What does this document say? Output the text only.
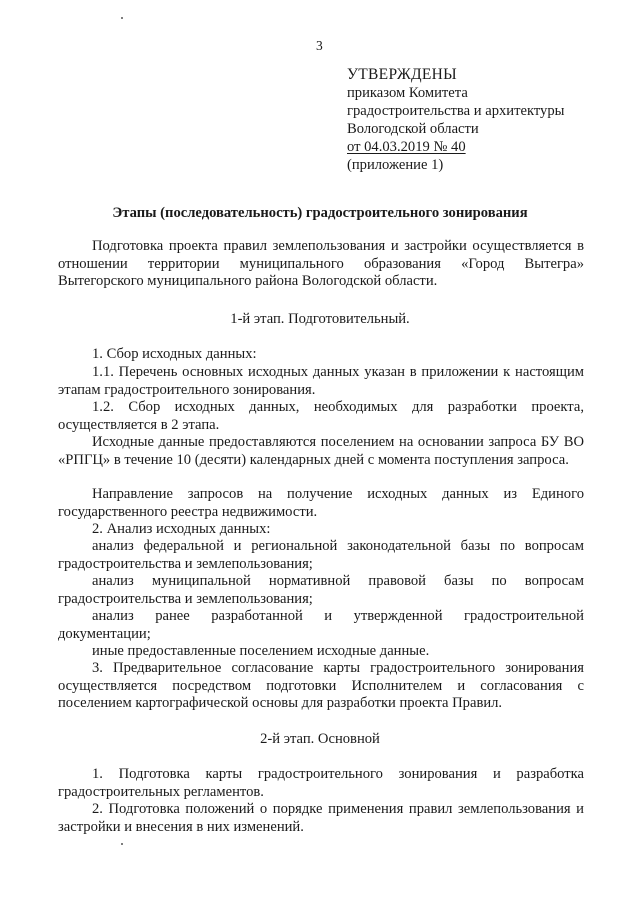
3
УТВЕРЖДЕНЫ
приказом Комитета
градостроительства и архитектуры
Вологодской области
от 04.03.2019 № 40
(приложение 1)
Этапы (последовательность) градостроительного зонирования
Подготовка проекта правил землепользования и застройки осуществляется в отношении территории муниципального образования «Город Вытегра» Вытегорского муниципального района Вологодской области.
1-й этап. Подготовительный.
1. Сбор исходных данных:
1.1. Перечень основных исходных данных указан в приложении к настоящим этапам градостроительного зонирования.
1.2. Сбор исходных данных, необходимых для разработки проекта, осуществляется в 2 этапа.
Исходные данные предоставляются поселением на основании запроса БУ ВО «РПГЦ» в течение 10 (десяти) календарных дней с момента поступления запроса.
Направление запросов на получение исходных данных из Единого государственного реестра недвижимости.
2. Анализ исходных данных:
анализ федеральной и региональной законодательной базы по вопросам градостроительства и землепользования;
анализ муниципальной нормативной правовой базы по вопросам градостроительства и землепользования;
анализ ранее разработанной и утвержденной градостроительной документации;
иные предоставленные поселением исходные данные.
3. Предварительное согласование карты градостроительного зонирования осуществляется посредством подготовки Исполнителем и согласования с поселением картографической основы для разработки проекта Правил.
2-й этап. Основной
1. Подготовка карты градостроительного зонирования и разработка градостроительных регламентов.
2. Подготовка положений о порядке применения правил землепользования и застройки и внесения в них изменений.
